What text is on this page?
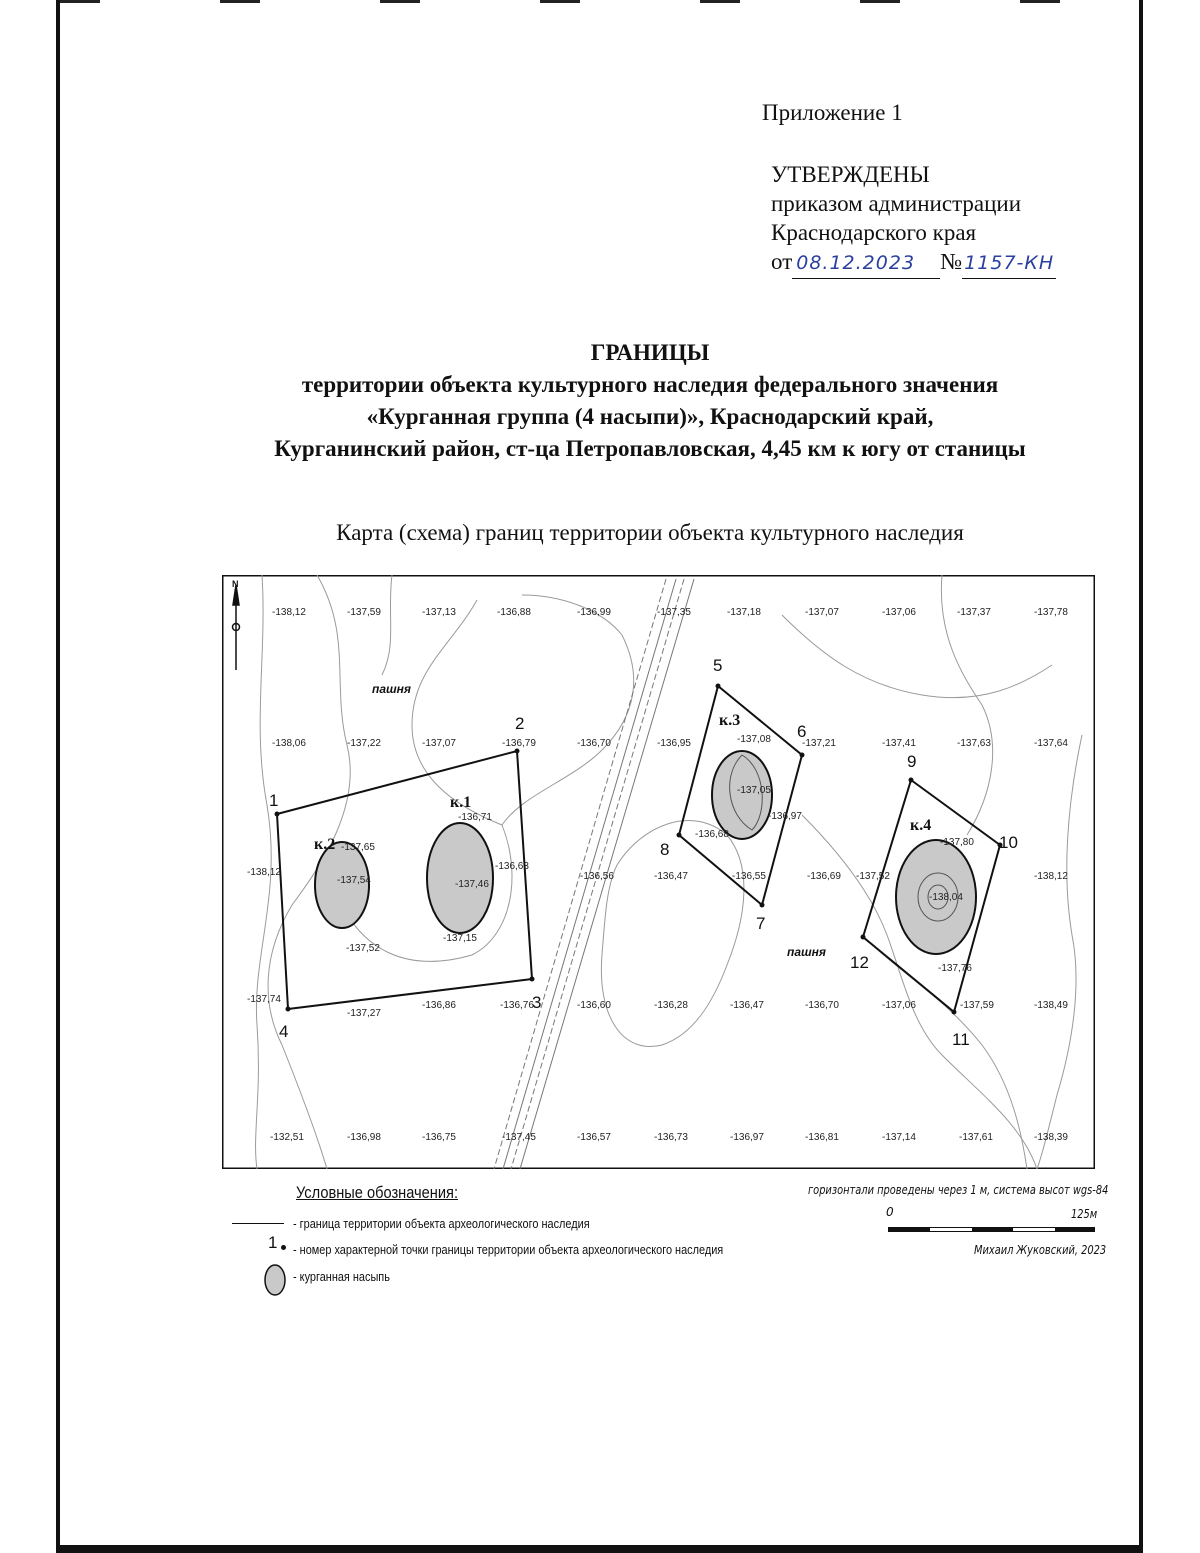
Приложение 1
УТВЕРЖДЕНЫ
приказом администрации
Краснодарского края
от 08.12.2023 № 1157-КН
ГРАНИЦЫ
территории объекта культурного наследия федерального значения
«Курганная группа (4 насыпи)», Краснодарский край,
Курганинский район, ст-ца Петропавловская, 4,45 км к югу от станицы
Карта (схема) границ территории объекта культурного наследия
N
пашня
пашня
к.1
к.2
к.3
к.4
1
2
3
4
5
6
7
8
9
10
11
12
-138,12	-137,59	-137,13	-136,88	-136,99	-137,35	-137,18	-137,07	-137,06	-137,37	-137,78
-138,06	-137,22	-137,07	-136,79	-136,70	-136,95	-137,21	-137,41	-137,63	-137,64
-136,71
-137,65
-138,12
-137,54	-137,46
-136,63
-137,52
-137,15
-137,08
-137,05
-136,68
-136,97
-136,56	-136,47	-136,55	-136,69 -137,52
-137,80
-138,04
-138,12
-137,76
-137,74
-137,27
-136,86	-136,76	-136,60	-136,28	-136,47	-136,70	-137,06	-137,59	-138,49
-132,51	-136,98	-136,75	-137,45	-136,57	-136,73	-136,97	-136,81	-137,14	-137,61	-138,39
Условные обозначения:
- граница территории объекта археологического наследия
1 - номер характерной точки границы территории объекта археологического наследия
- курганная насыпь
горизонтали проведены через 1 м, система высот wgs-84
0	125м
Михаил Жуковский, 2023
